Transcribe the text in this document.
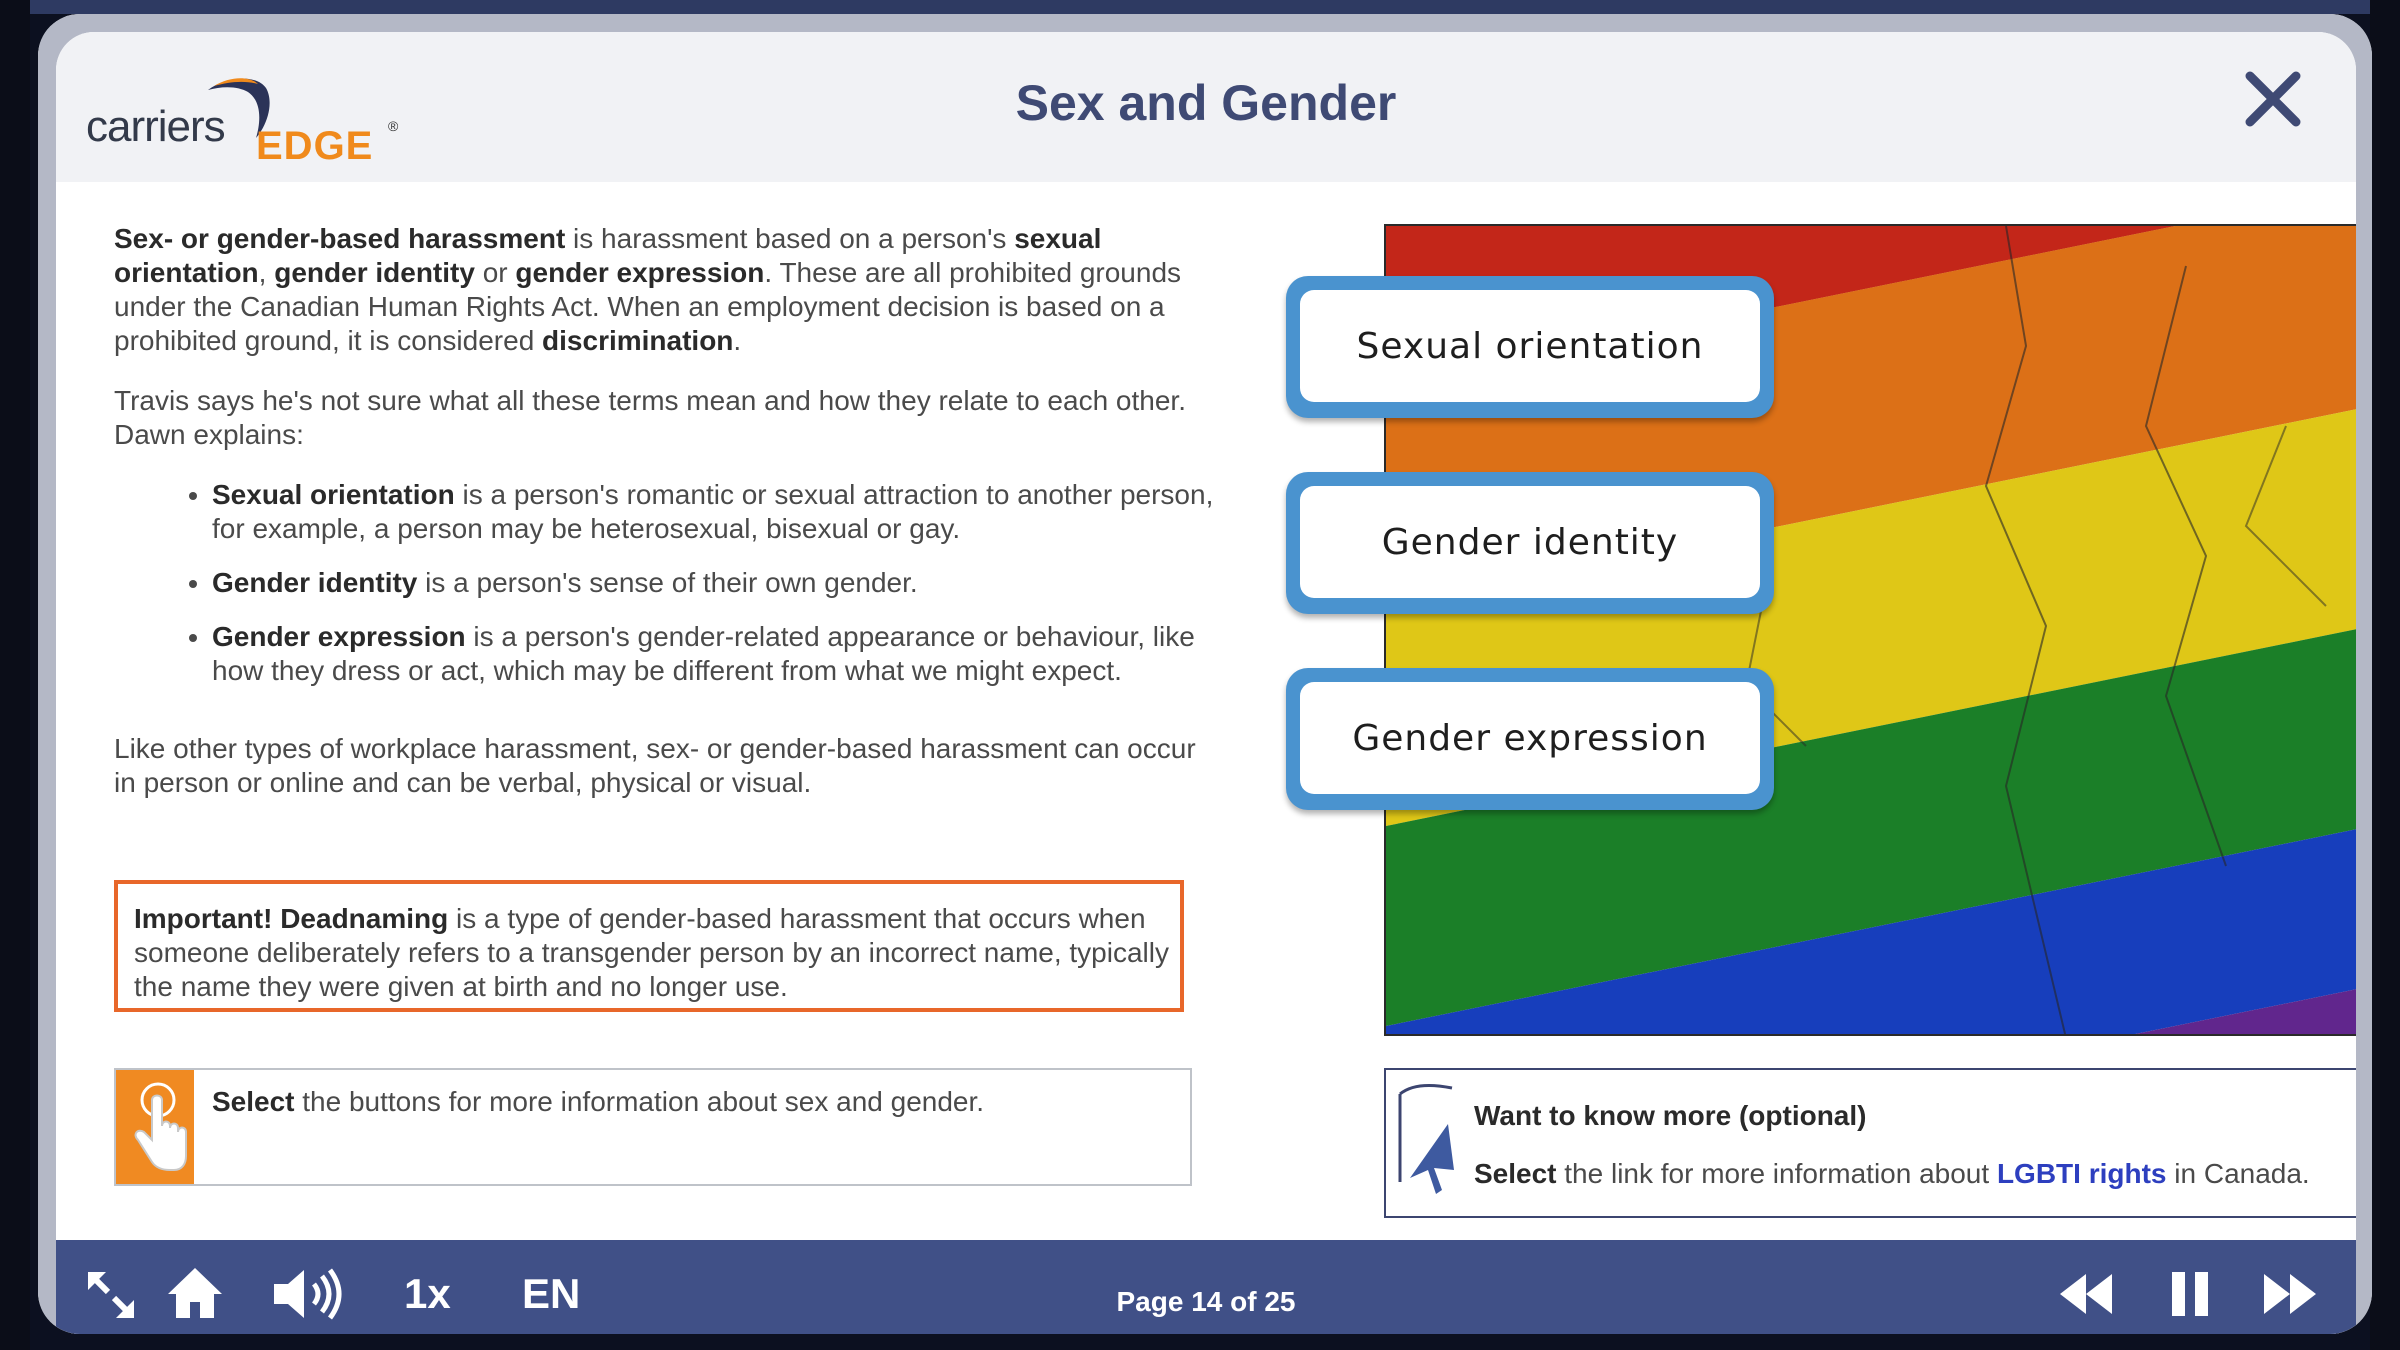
carriers EDGE ®	Sex and Gender

Sex- or gender-based harassment is harassment based on a person's sexual orientation, gender identity or gender expression. These are all prohibited grounds under the Canadian Human Rights Act. When an employment decision is based on a prohibited ground, it is considered discrimination.

Travis says he's not sure what all these terms mean and how they relate to each other. Dawn explains:

• Sexual orientation is a person's romantic or sexual attraction to another person, for example, a person may be heterosexual, bisexual or gay.
• Gender identity is a person's sense of their own gender.
• Gender expression is a person's gender-related appearance or behaviour, like how they dress or act, which may be different from what we might expect.

Like other types of workplace harassment, sex- or gender-based harassment can occur in person or online and can be verbal, physical or visual.

Important! Deadnaming is a type of gender-based harassment that occurs when someone deliberately refers to a transgender person by an incorrect name, typically the name they were given at birth and no longer use.
Select the buttons for more information about sex and gender.
Sexual orientation
Gender identity
Gender expression
Want to know more (optional)
Select the link for more information about LGBTI rights in Canada.
1x EN	Page 14 of 25
